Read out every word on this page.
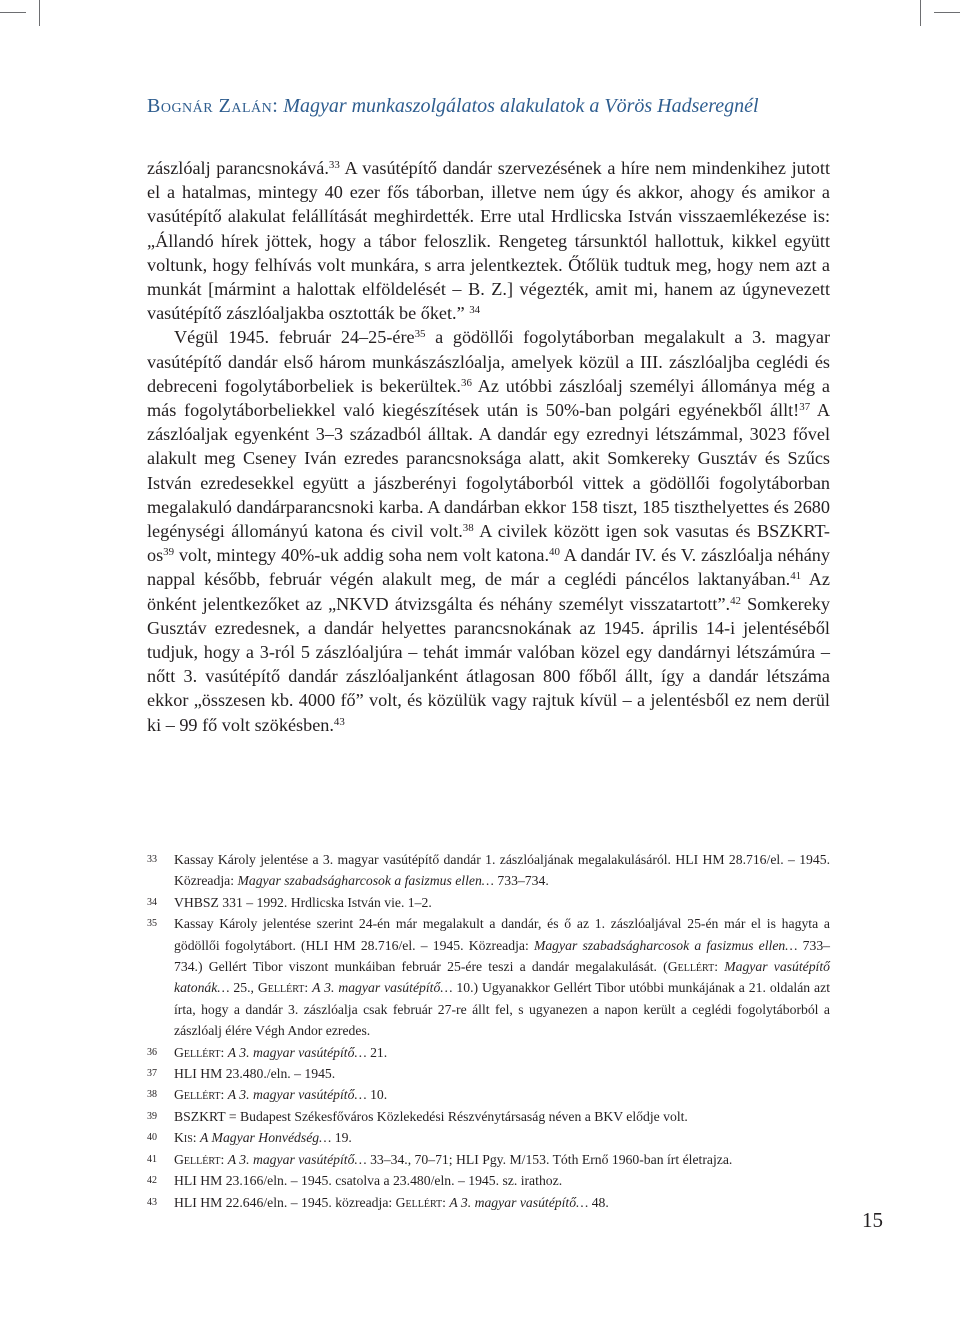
Bognár Zalán: Magyar munkaszolgálatos alakulatok a Vörös Hadseregnél

zászlóalj parancsnokává.$^{33}$ A vasútépítő dandár szervezésének a híre nem mindenkihez jutott el a hatalmas, mintegy 40 ezer fős táborban, illetve nem úgy és akkor, ahogy és amikor a vasútépítő alakulat felállítását meghirdették. Erre utal Hrdlicska István visszaemlékezése is: „Állandó hírek jöttek, hogy a tábor feloszlik. Rengeteg társunktól hallottuk, kikkel együtt voltunk, hogy felhívás volt munkára, s arra jelentkeztek. Őtőlük tudtuk meg, hogy nem azt a munkát [mármint a halottak elföldelését – B. Z.] végezték, amit mi, hanem az úgynevezett vasútépítő zászlóaljakba osztották be őket.” $^{34}$

Végül 1945. február 24–25-ére$^{35}$ a gödöllői fogolytáborban megalakult a 3. magyar vasútépítő dandár első három munkászászlóalja, amelyek közül a III. zászlóaljba ceglédi és debreceni fogolytáborbeliek is bekerültek.$^{36}$ Az utóbbi zászlóalj személyi állománya még a más fogolytáborbeliekkel való kiegészítések után is 50%-ban polgári egyénekből állt!$^{37}$ A zászlóaljak egyenként 3–3 századból álltak. A dandár egy ezrednyi létszámmal, 3023 fővel alakult meg Cseney Iván ezredes parancsnoksága alatt, akit Somkereky Gusztáv és Szűcs István ezredesekkel együtt a jászberényi fogolytáborból vittek a gödöllői fogolytáborban megalakuló dandárparancsnoki karba. A dandárban ekkor 158 tiszt, 185 tiszthelyettes és 2680 legénységi állományú katona és civil volt.$^{38}$ A civilek között igen sok vasutas és BSZKRT-$os^{39}$ volt, mintegy 40%-uk addig soha nem volt katona.$^{40}$ A dandár IV. és V. zászlóalja néhány nappal később, február végén alakult meg, de már a ceglédi páncélos laktanyában.$^{41}$ Az önként jelentkezőket az „NKVD átvizsgálta és néhány személyt visszatartott”.$^{42}$ Somkereky Gusztáv ezredesnek, a dandár helyettes parancsnokának az 1945. április 14-i jelentéséből tudjuk, hogy a 3-ról 5 zászlóaljúra – tehát immár valóban közel egy dandárnyi létszámúra – nőtt 3. vasútépítő dandár zászlóaljanként átlagosan 800 főből állt, így a dandár létszáma ekkor „összesen kb. 4000 fő” volt, és közülük vagy rajtuk kívül – a jelentésből ez nem derül ki – 99 fő volt szökésben.$^{43}$

33	Kassay Károly jelentése a 3. magyar vasútépítő dandár 1. zászlóaljának megalakulásáról. HLI HM 28.716/el. – 1945. Közreadja: Magyar szabadságharcosok a fasizmus ellen… 733–734.
34	VHBSZ 331 – 1992. Hrdlicska István vie. 1–2.
35	Kassay Károly jelentése szerint 24-én már megalakult a dandár, és ő az 1. zászlóaljával 25-én már el is hagyta a gödöllői fogolytábort. (HLI HM 28.716/el. – 1945. Közreadja: Magyar szabadságharcosok a fasizmus ellen… 733–734.) Gellért Tibor viszont munkáiban február 25-ére teszi a dandár megalakulását. (Gellért: Magyar vasútépítő katonák… 25., Gellért: A 3. magyar vasútépítő… 10.) Ugyanakkor Gellért Tibor utóbbi munkájának a 21. oldalán azt írta, hogy a dandár 3. zászlóalja csak február 27-re állt fel, s ugyanezen a napon került a ceglédi fogolytáborból a zászlóalj élére Végh Andor ezredes.
36	Gellért: A 3. magyar vasútépítő… 21.
37	HLI HM 23.480./eln. – 1945.
38	Gellért: A 3. magyar vasútépítő… 10.
39	BSZKRT = Budapest Székesfőváros Közlekedési Részvénytársaság néven a BKV elődje volt.
40	Kis: A Magyar Honvédség… 19.
41	Gellért: A 3. magyar vasútépítő… 33–34., 70–71; HLI Pgy. M/153. Tóth Ernő 1960-ban írt életrajza.
42	HLI HM 23.166/eln. – 1945. csatolva a 23.480/eln. – 1945. sz. irathoz.
43	HLI HM 22.646/eln. – 1945. közreadja: Gellért: A 3. magyar vasútépítő… 48.
15
